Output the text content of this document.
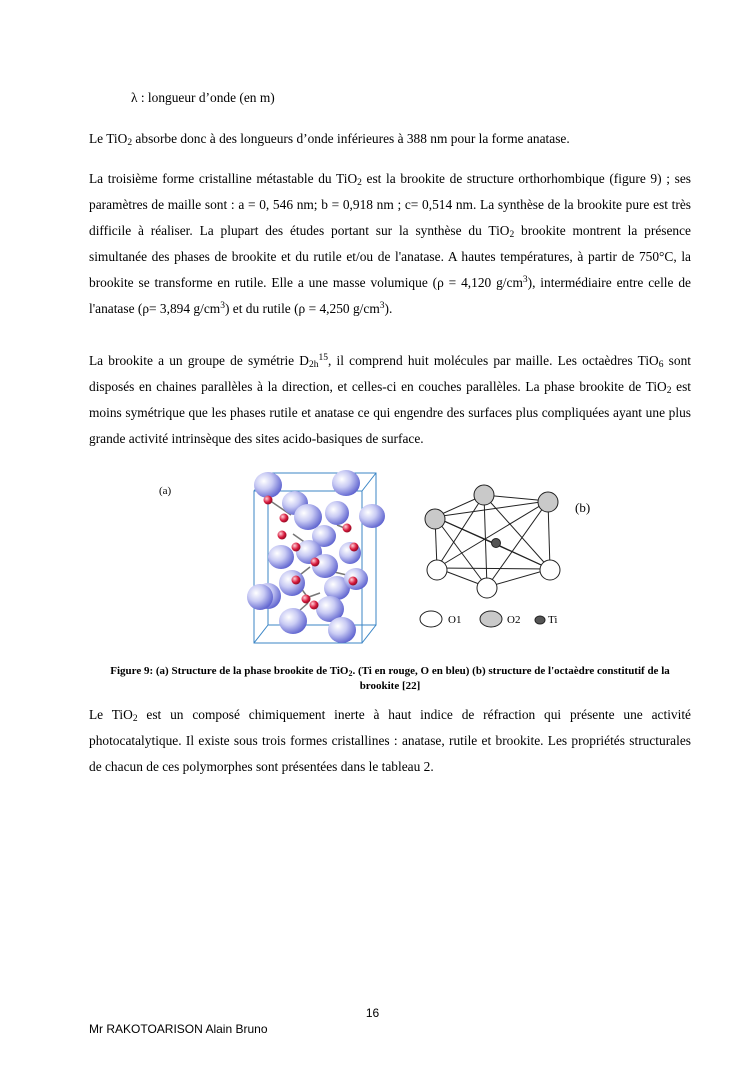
λ : longueur d’onde (en m)

Le TiO2 absorbe donc à des longueurs d’onde inférieures à 388 nm pour la forme anatase.

La troisième forme cristalline métastable du TiO2 est la brookite de structure orthorhombique (figure 9) ; ses paramètres de maille sont : a = 0, 546 nm; b = 0,918 nm ; c= 0,514 nm. La synthèse de la brookite pure est très difficile à réaliser. La plupart des études portant sur la synthèse du TiO2 brookite montrent la présence simultanée des phases de brookite et du rutile et/ou de l'anatase. A hautes températures, à partir de 750°C, la brookite se transforme en rutile. Elle a une masse volumique (ρ = 4,120 $g/cm^3$), intermédiaire entre celle de l'anatase (ρ= 3,894 $g/cm^3$) et du rutile (ρ = 4,250 $g/cm^3$).

La brookite a un groupe de symétrie $D2h^{15}$, il comprend huit molécules par maille. Les octaèdres TiO6 sont disposés en chaines parallèles à la direction, et celles-ci en couches parallèles. La phase brookite de TiO2 est moins symétrique que les phases rutile et anatase ce qui engendre des surfaces plus compliquées ayant une plus grande activité intrinsèque des sites acido-basiques de surface.

(a)
(b)
O1	O2	Ti
Figure 9: (a) Structure de la phase brookite de TiO2. (Ti en rouge, O en bleu) (b) structure de l'octaèdre constitutif de la brookite [22]

Le TiO2 est un composé chimiquement inerte à haut indice de réfraction qui présente une activité photocatalytique. Il existe sous trois formes cristallines : anatase, rutile et brookite. Les propriétés structurales de chacun de ces polymorphes sont présentées dans le tableau 2.

16
Mr RAKOTOARISON Alain Bruno
